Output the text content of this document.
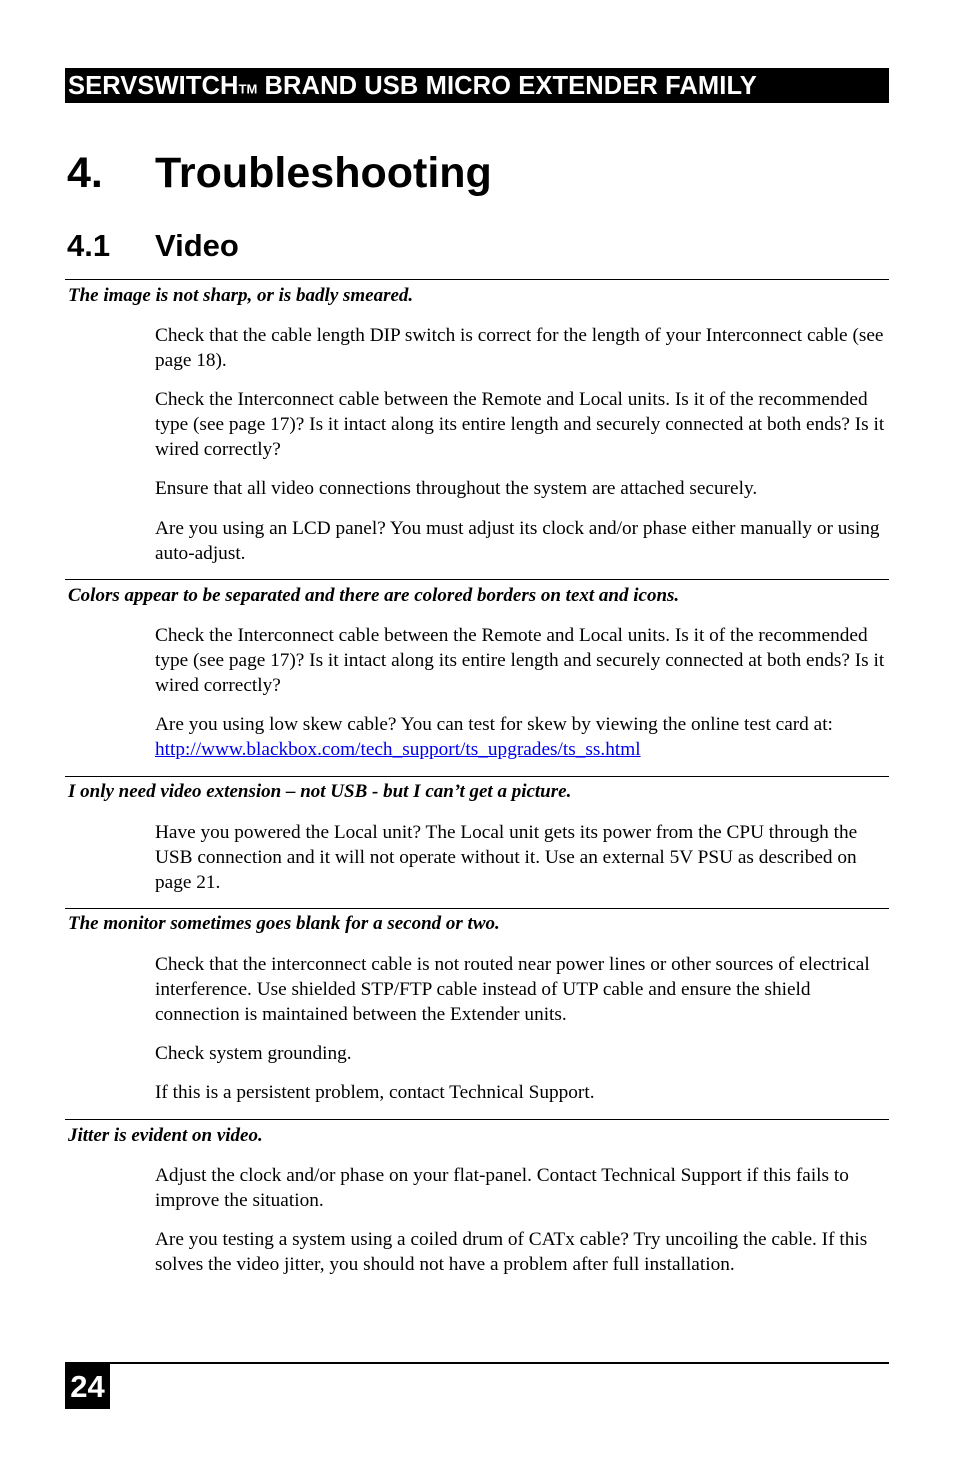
SERVSWITCHTM BRAND USB MICRO EXTENDER FAMILY
4. Troubleshooting
4.1 Video
The image is not sharp, or is badly smeared.
Check that the cable length DIP switch is correct for the length of your Interconnect cable (see page 18).
Check the Interconnect cable between the Remote and Local units. Is it of the recommended type (see page 17)? Is it intact along its entire length and securely connected at both ends? Is it wired correctly?
Ensure that all video connections throughout the system are attached securely.
Are you using an LCD panel? You must adjust its clock and/or phase either manually or using auto-adjust.
Colors appear to be separated and there are colored borders on text and icons.
Check the Interconnect cable between the Remote and Local units. Is it of the recommended type (see page 17)? Is it intact along its entire length and securely connected at both ends? Is it wired correctly?
Are you using low skew cable? You can test for skew by viewing the online test card at: http://www.blackbox.com/tech_support/ts_upgrades/ts_ss.html
I only need video extension – not USB - but I can’t get a picture.
Have you powered the Local unit? The Local unit gets its power from the CPU through the USB connection and it will not operate without it. Use an external 5V PSU as described on page 21.
The monitor sometimes goes blank for a second or two.
Check that the interconnect cable is not routed near power lines or other sources of electrical interference. Use shielded STP/FTP cable instead of UTP cable and ensure the shield connection is maintained between the Extender units.
Check system grounding.
If this is a persistent problem, contact Technical Support.
Jitter is evident on video.
Adjust the clock and/or phase on your flat-panel. Contact Technical Support if this fails to improve the situation.
Are you testing a system using a coiled drum of CATx cable? Try uncoiling the cable. If this solves the video jitter, you should not have a problem after full installation.
24
